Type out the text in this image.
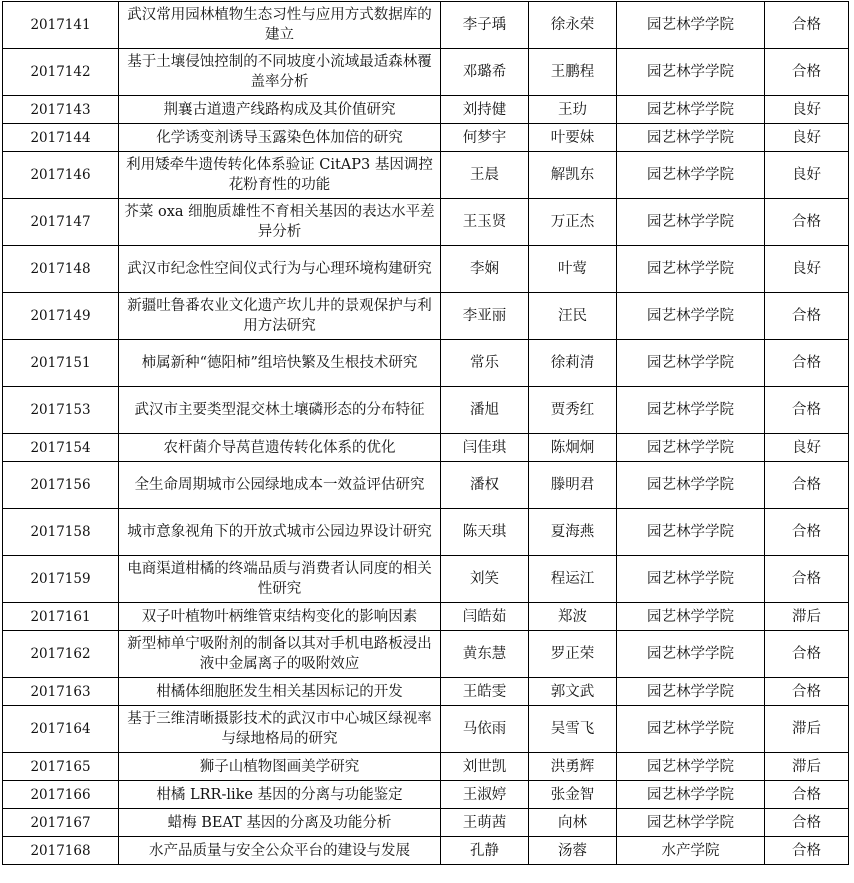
2017141	武汉常用园林植物生态习性与应用方式数据库的建立	李子瑀	徐永荣	园艺林学学院	合格
2017142	基于土壤侵蚀控制的不同坡度小流域最适森林覆盖率分析	邓璐希	王鹏程	园艺林学学院	合格
2017143	荆襄古道遗产线路构成及其价值研究	刘持健	王玏	园艺林学学院	良好
2017144	化学诱变剂诱导玉露染色体加倍的研究	何梦宇	叶要妹	园艺林学学院	良好
2017146	利用矮牵牛遗传转化体系验证 CitAP3 基因调控花粉育性的功能	王晨	解凯东	园艺林学学院	良好
2017147	芥菜 oxa 细胞质雄性不育相关基因的表达水平差异分析	王玉贤	万正杰	园艺林学学院	合格
2017148	武汉市纪念性空间仪式行为与心理环境构建研究	李娴	叶莺	园艺林学学院	良好
2017149	新疆吐鲁番农业文化遗产坎儿井的景观保护与利用方法研究	李亚丽	汪民	园艺林学学院	合格
2017151	柿属新种“德阳柿”组培快繁及生根技术研究	常乐	徐莉清	园艺林学学院	合格
2017153	武汉市主要类型混交林土壤磷形态的分布特征	潘旭	贾秀红	园艺林学学院	合格
2017154	农杆菌介导莴苣遗传转化体系的优化	闫佳琪	陈炯炯	园艺林学学院	良好
2017156	全生命周期城市公园绿地成本一效益评估研究	潘权	滕明君	园艺林学学院	合格
2017158	城市意象视角下的开放式城市公园边界设计研究	陈天琪	夏海燕	园艺林学学院	合格
2017159	电商渠道柑橘的终端品质与消费者认同度的相关性研究	刘笑	程运江	园艺林学学院	合格
2017161	双子叶植物叶柄维管束结构变化的影响因素	闫皓茹	郑波	园艺林学学院	滞后
2017162	新型柿单宁吸附剂的制备以其对手机电路板浸出液中金属离子的吸附效应	黄东慧	罗正荣	园艺林学学院	合格
2017163	柑橘体细胞胚发生相关基因标记的开发	王皓雯	郭文武	园艺林学学院	合格
2017164	基于三维清晰摄影技术的武汉市中心城区绿视率与绿地格局的研究	马依雨	吴雪飞	园艺林学学院	滞后
2017165	狮子山植物图画美学研究	刘世凯	洪勇辉	园艺林学学院	滞后
2017166	柑橘 LRR-like 基因的分离与功能鉴定	王淑婷	张金智	园艺林学学院	合格
2017167	蜡梅 BEAT 基因的分离及功能分析	王萌茜	向林	园艺林学学院	合格
2017168	水产品质量与安全公众平台的建设与发展	孔静	汤蓉	水产学院	合格
